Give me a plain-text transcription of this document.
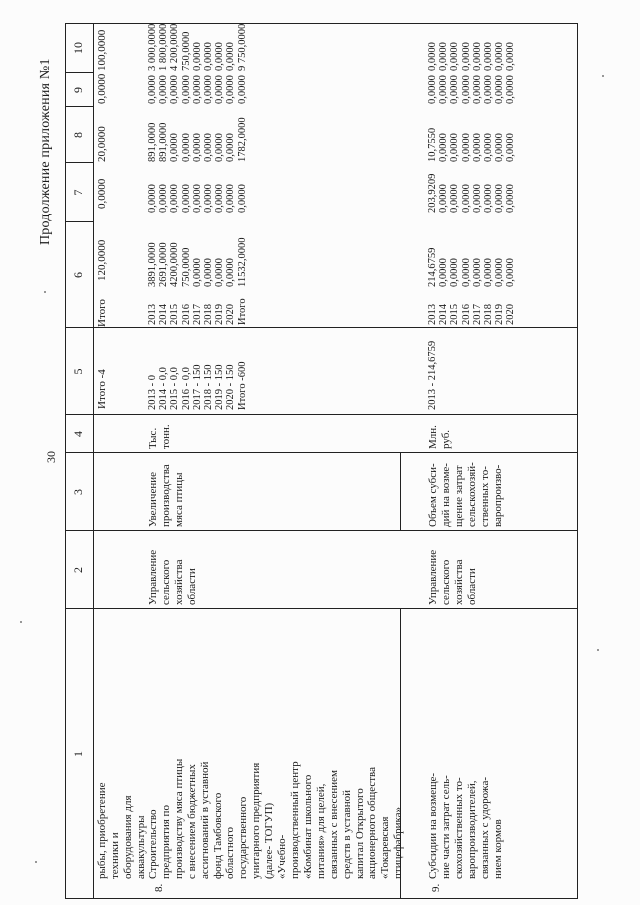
30
Продолжение приложения №1
1
2
3
4
5
6
7
8
9
10
рыбы, приобретение
техники и
оборудования для
аквакультуры
Итого -4
Итого
120,0000
0,0000
20,0000
0,0000
100,0000
8.
Строительство
предприятия по
производству мяса птицы
с внесением бюджетных
ассигнований в уставной
фонд Тамбовского
областного
государственного
унитарного предприятия
(далее- ТОГУП)
«Учебно-
производственный центр
«Комбинат школьного
питания» для целей,
связанных с внесением
средств в уставной
капитал Открытого
акционерного общества
«Токаревская
птицефабрика»
Управление
сельского
хозяйства
области
Увеличение
производства
мяса птицы
Тыс.
тонн.
2013 - 0
2014 - 0,0
2015 - 0,0
2016 - 0,0
2017 - 150
2018 - 150
2019 - 150
2020 - 150
Итого -600
2013
2014
2015
2016
2017
2018
2019
2020
Итого
3891,0000
2691,0000
4200,0000
750,0000
0,0000
0,0000
0,0000
0,0000
11532,0000
0,0000
0,0000
0,0000
0,0000
0,0000
0,0000
0,0000
0,0000
0,0000
891,0000
891,0000
0,0000
0,0000
0,0000
0,0000
0,0000
0,0000
1782,0000
0,0000
0,0000
0,0000
0,0000
0,0000
0,0000
0,0000
0,0000
0,0000
3 000,0000
1 800,0000
4 200,0000
750,0000
0,0000
0,0000
0,0000
0,0000
9 750,0000
9.
Субсидии на возмеще-
ние части затрат сель-
скохозяйственных то-
варопроизводителей,
связанных с удорожа-
нием кормов
Управление
сельского
хозяйства
области
Объем субси-
дий на возме-
щение затрат
сельскохозяй-
ственных то-
варопроизво-
Млн.
руб.
2013 - 214,6759
2013
2014
2015
2016
2017
2018
2019
2020
214,6759
0,0000
0,0000
0,0000
0,0000
0,0000
0,0000
0,0000
203,9209
0,0000
0,0000
0,0000
0,0000
0,0000
0,0000
0,0000
10,7550
0,0000
0,0000
0,0000
0,0000
0,0000
0,0000
0,0000
0,0000
0,0000
0,0000
0,0000
0,0000
0,0000
0,0000
0,0000
0,0000
0,0000
0,0000
0,0000
0,0000
0,0000
0,0000
0,0000
